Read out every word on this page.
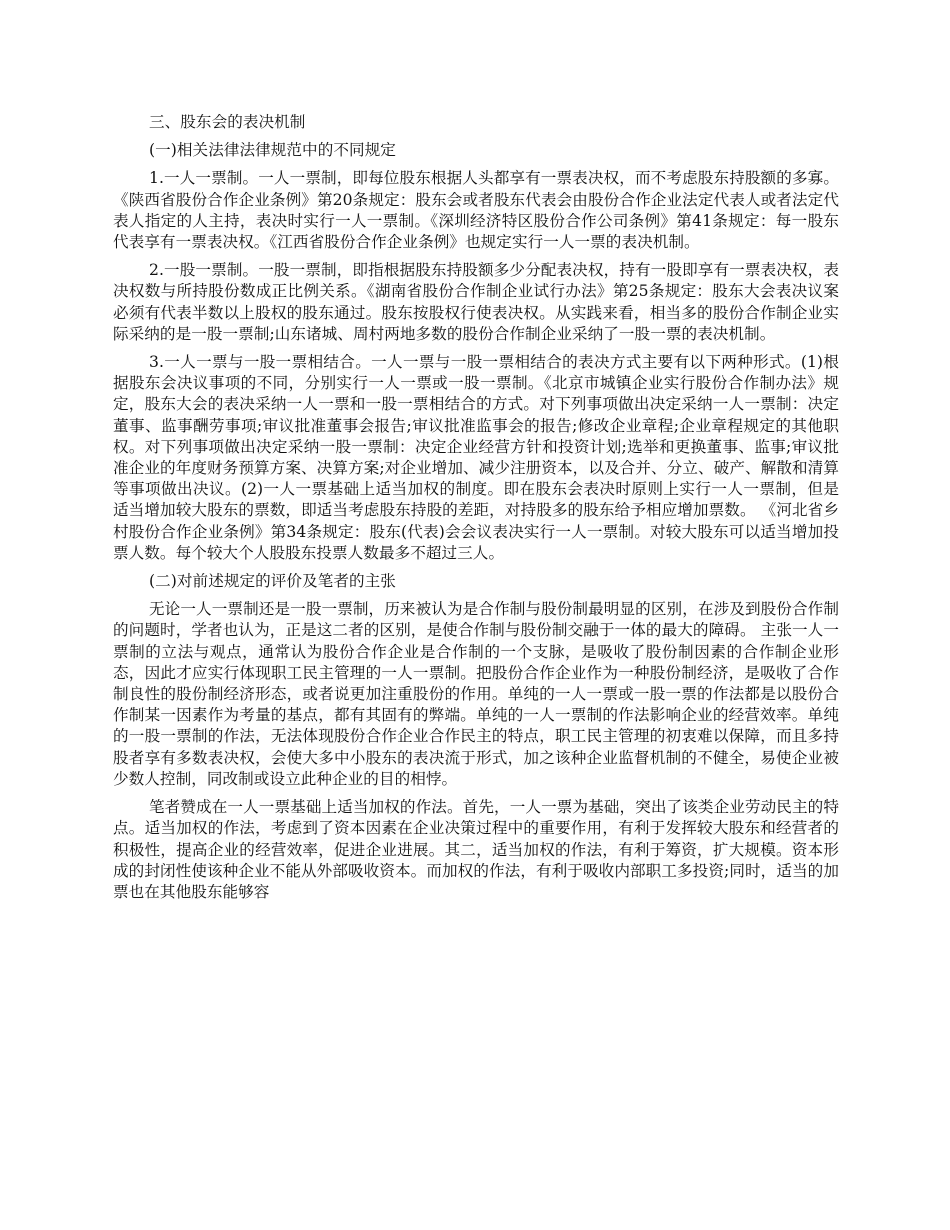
三、股东会的表决机制

(一)相关法律法律规范中的不同规定

1.一人一票制。一人一票制，即每位股东根据人头都享有一票表决权，而不考虑股东持股额的多寡。《陕西省股份合作企业条例》第20条规定：股东会或者股东代表会由股份合作企业法定代表人或者法定代表人指定的人主持，表决时实行一人一票制。《深圳经济特区股份合作公司条例》第41条规定：每一股东代表享有一票表决权。《江西省股份合作企业条例》也规定实行一人一票的表决机制。

2.一股一票制。一股一票制，即指根据股东持股额多少分配表决权，持有一股即享有一票表决权，表决权数与所持股份数成正比例关系。《湖南省股份合作制企业试行办法》第25条规定：股东大会表决议案必须有代表半数以上股权的股东通过。股东按股权行使表决权。从实践来看，相当多的股份合作制企业实际采纳的是一股一票制;山东诸城、周村两地多数的股份合作制企业采纳了一股一票的表决机制。

3.一人一票与一股一票相结合。一人一票与一股一票相结合的表决方式主要有以下两种形式。(1)根据股东会决议事项的不同，分别实行一人一票或一股一票制。《北京市城镇企业实行股份合作制办法》规定，股东大会的表决采纳一人一票和一股一票相结合的方式。对下列事项做出决定采纳一人一票制：决定董事、监事酬劳事项;审议批准董事会报告;审议批准监事会的报告;修改企业章程;企业章程规定的其他职权。对下列事项做出决定采纳一股一票制：决定企业经营方针和投资计划;选举和更换董事、监事;审议批准企业的年度财务预算方案、决算方案;对企业增加、减少注册资本，以及合并、分立、破产、解散和清算等事项做出决议。(2)一人一票基础上适当加权的制度。即在股东会表决时原则上实行一人一票制，但是适当增加较大股东的票数，即适当考虑股东持股的差距，对持股多的股东给予相应增加票数。 《河北省乡村股份合作企业条例》第34条规定：股东(代表)会会议表决实行一人一票制。对较大股东可以适当增加投票人数。每个较大个人股股东投票人数最多不超过三人。

(二)对前述规定的评价及笔者的主张

无论一人一票制还是一股一票制，历来被认为是合作制与股份制最明显的区别，在涉及到股份合作制的问题时，学者也认为，正是这二者的区别，是使合作制与股份制交融于一体的最大的障碍。 主张一人一票制的立法与观点，通常认为股份合作企业是合作制的一个支脉，是吸收了股份制因素的合作制企业形态，因此才应实行体现职工民主管理的一人一票制。把股份合作企业作为一种股份制经济，是吸收了合作制良性的股份制经济形态，或者说更加注重股份的作用。单纯的一人一票或一股一票的作法都是以股份合作制某一因素作为考量的基点，都有其固有的弊端。单纯的一人一票制的作法影响企业的经营效率。单纯的一股一票制的作法，无法体现股份合作企业合作民主的特点，职工民主管理的初衷难以保障，而且多持股者享有多数表决权，会使大多中小股东的表决流于形式，加之该种企业监督机制的不健全，易使企业被少数人控制，同改制或设立此种企业的目的相悖。

笔者赞成在一人一票基础上适当加权的作法。首先，一人一票为基础，突出了该类企业劳动民主的特点。适当加权的作法，考虑到了资本因素在企业决策过程中的重要作用，有利于发挥较大股东和经营者的积极性，提高企业的经营效率，促进企业进展。其二，适当加权的作法，有利于筹资，扩大规模。资本形成的封闭性使该种企业不能从外部吸收资本。而加权的作法，有利于吸收内部职工多投资;同时，适当的加票也在其他股东能够容
